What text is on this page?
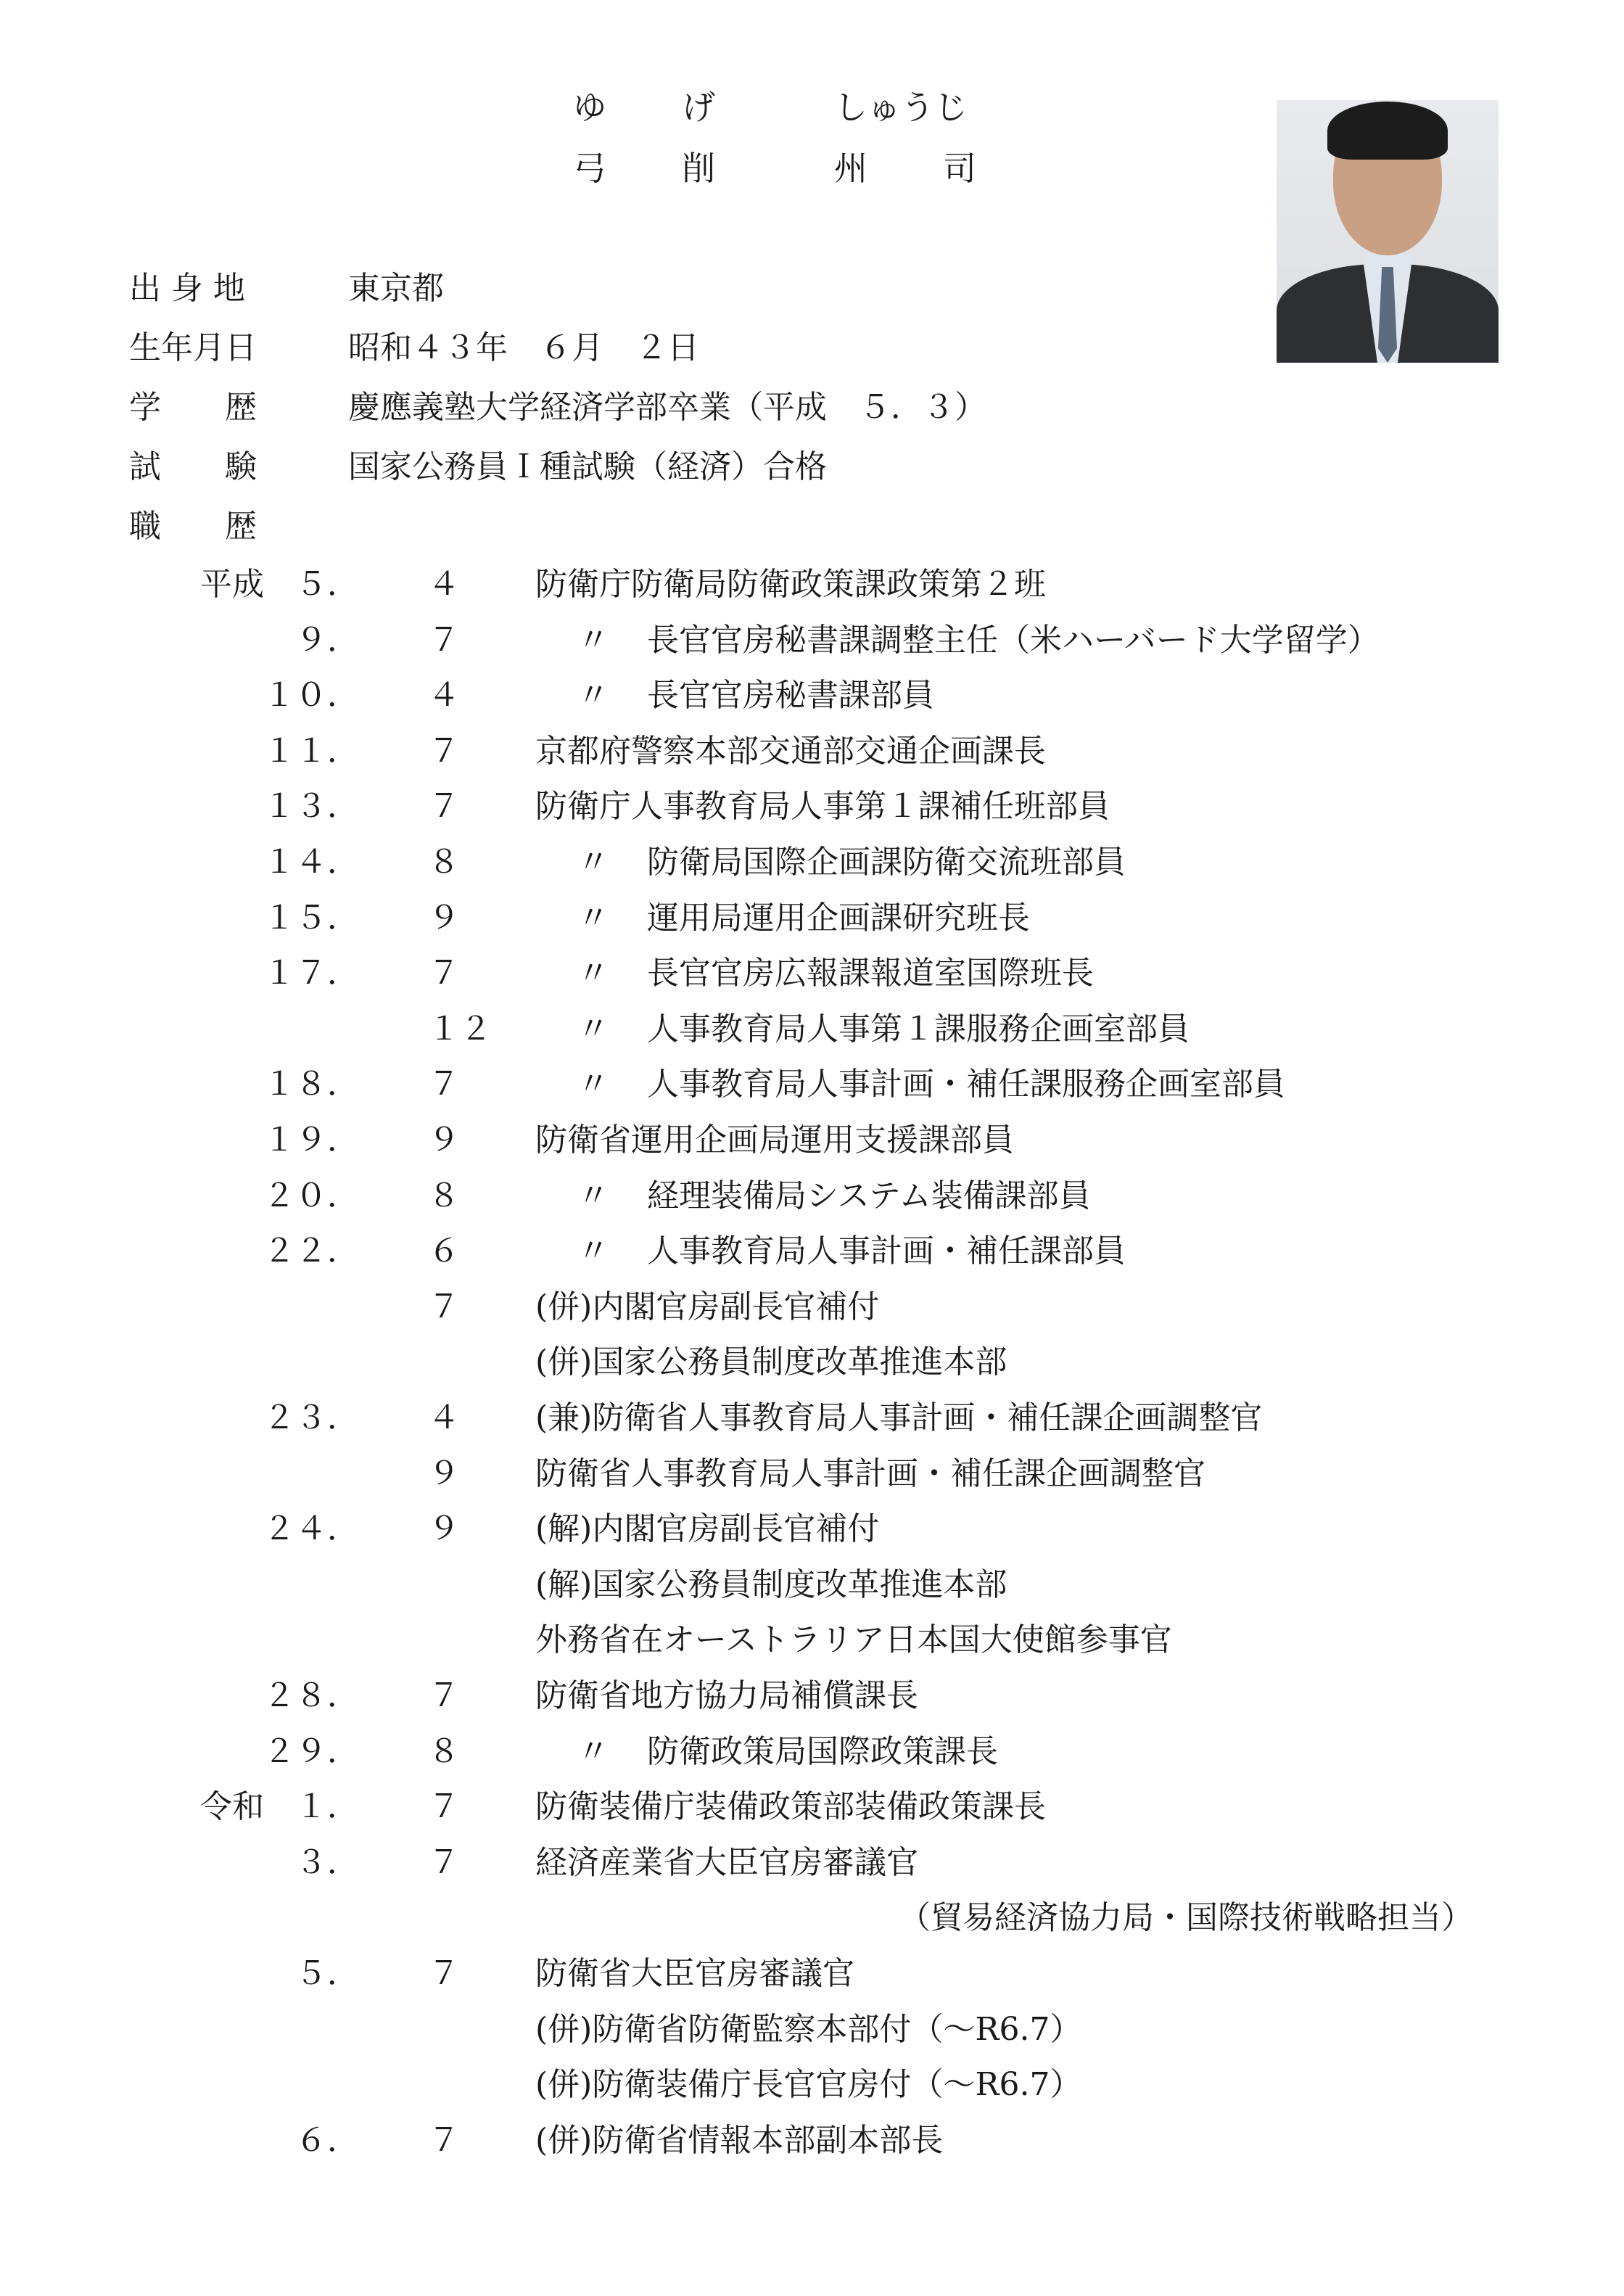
ゆ げ	しゅうじ
弓 削	州 司
出 身 地	東京都
生年月日	昭和４３年　６月　２日
学　　歴	慶應義塾大学経済学部卒業（平成　５．３）
試　　験	国家公務員Ｉ種試験（経済）合格
職　　歴
平成 ５． ４ 防衛庁防衛局防衛政策課政策第２班
９． ７	〃 長官官房秘書課調整主任（米ハーバード大学留学）
１０． ４	〃 長官官房秘書課部員
１１． ７ 京都府警察本部交通部交通企画課長
１３． ７ 防衛庁人事教育局人事第１課補任班部員
１４． ８	〃 防衛局国際企画課防衛交流班部員
１５． ９	〃 運用局運用企画課研究班長
１７． ７	〃 長官官房広報課報道室国際班長
１２	〃 人事教育局人事第１課服務企画室部員
１８． ７	〃 人事教育局人事計画・補任課服務企画室部員
１９． ９ 防衛省運用企画局運用支援課部員
２０． ８	〃 経理装備局システム装備課部員
２２． ６	〃 人事教育局人事計画・補任課部員
７ (併)内閣官房副長官補付
(併)国家公務員制度改革推進本部
２３． ４ (兼)防衛省人事教育局人事計画・補任課企画調整官
９ 防衛省人事教育局人事計画・補任課企画調整官
２４． ９ (解)内閣官房副長官補付
(解)国家公務員制度改革推進本部
外務省在オーストラリア日本国大使館参事官
２８． ７ 防衛省地方協力局補償課長
２９． ８	〃 防衛政策局国際政策課長
令和 １． ７ 防衛装備庁装備政策部装備政策課長
３． ７ 経済産業省大臣官房審議官
（貿易経済協力局・国際技術戦略担当）
５． ７ 防衛省大臣官房審議官
(併)防衛省防衛監察本部付（～R6.7）
(併)防衛装備庁長官官房付（～R6.7）
６． ７ (併)防衛省情報本部副本部長
